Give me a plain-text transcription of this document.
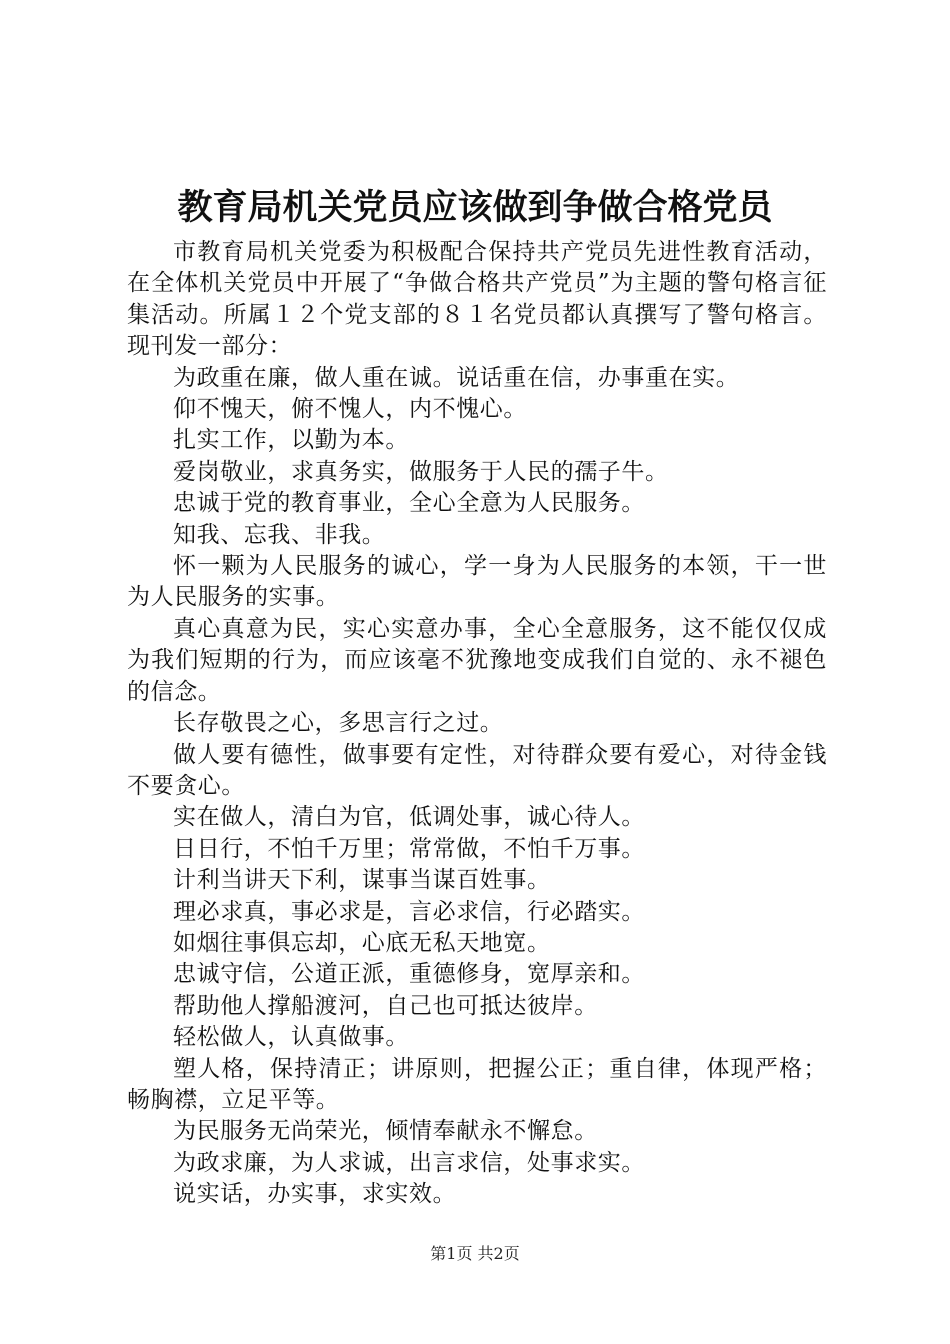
教育局机关党员应该做到争做合格党员

市教育局机关党委为积极配合保持共产党员先进性教育活动，在全体机关党员中开展了“争做合格共产党员”为主题的警句格言征集活动。所属１２个党支部的８１名党员都认真撰写了警句格言。现刊发一部分：

为政重在廉，做人重在诚。说话重在信，办事重在实。

仰不愧天，俯不愧人，内不愧心。

扎实工作，以勤为本。

爱岗敬业，求真务实，做服务于人民的孺子牛。

忠诚于党的教育事业，全心全意为人民服务。

知我、忘我、非我。

怀一颗为人民服务的诚心，学一身为人民服务的本领，干一世为人民服务的实事。

真心真意为民，实心实意办事，全心全意服务，这不能仅仅成为我们短期的行为，而应该毫不犹豫地变成我们自觉的、永不褪色的信念。

长存敬畏之心，多思言行之过。

做人要有德性，做事要有定性，对待群众要有爱心，对待金钱不要贪心。

实在做人，清白为官，低调处事，诚心待人。

日日行，不怕千万里；常常做，不怕千万事。

计利当讲天下利，谋事当谋百姓事。

理必求真，事必求是，言必求信，行必踏实。

如烟往事俱忘却，心底无私天地宽。

忠诚守信，公道正派，重德修身，宽厚亲和。

帮助他人撑船渡河，自己也可抵达彼岸。

轻松做人，认真做事。

塑人格，保持清正；讲原则，把握公正；重自律，体现严格；畅胸襟，立足平等。

为民服务无尚荣光，倾情奉献永不懈怠。

为政求廉，为人求诚，出言求信，处事求实。

说实话，办实事，求实效。

第1页 共2页
